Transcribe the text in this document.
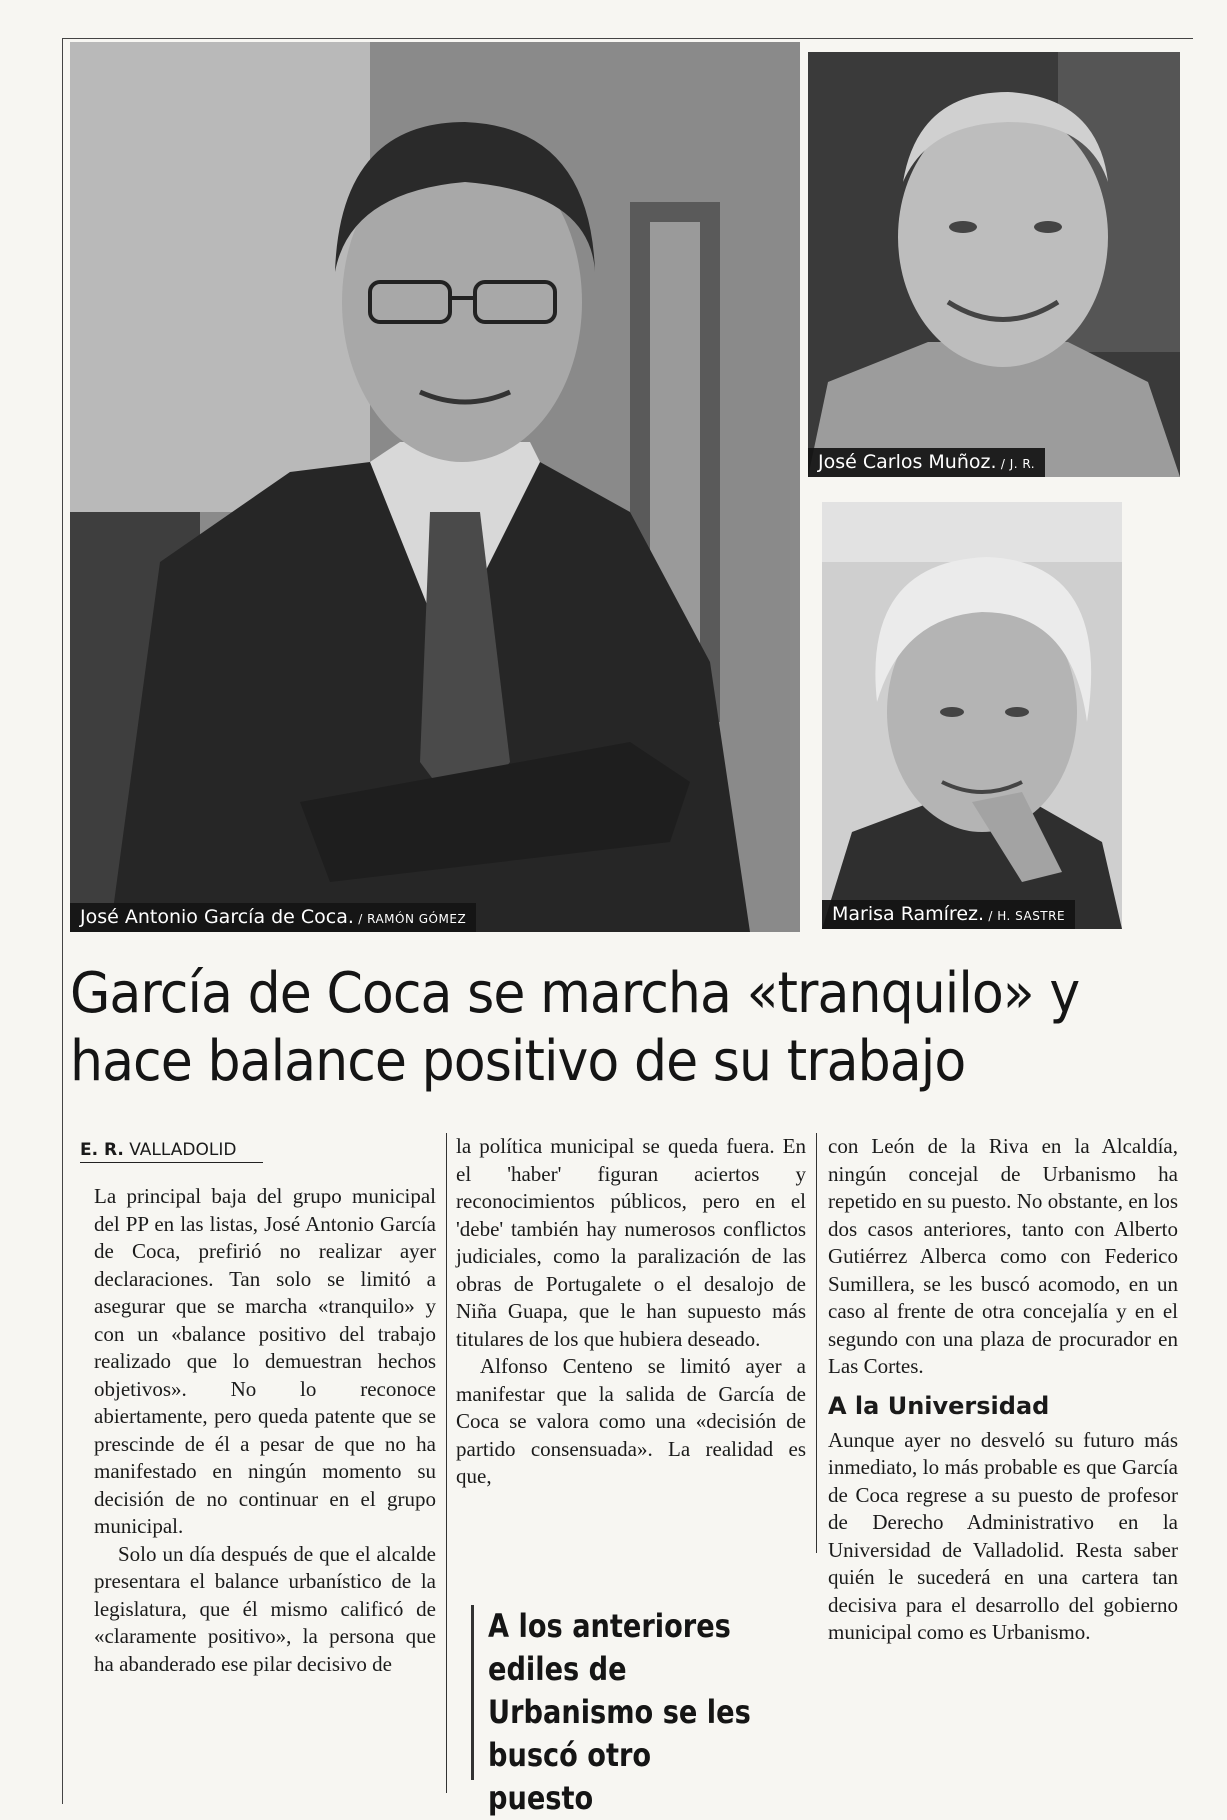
José Antonio García de Coca. / RAMÓN GÓMEZ
José Carlos Muñoz. / J. R.
Marisa Ramírez. / H. SASTRE
García de Coca se marcha «tranquilo» y hace balance positivo de su trabajo
E. R. VALLADOLID

La principal baja del grupo municipal del PP en las listas, José Antonio García de Coca, prefirió no realizar ayer declaraciones. Tan solo se limitó a asegurar que se marcha «tranquilo» y con un «balance positivo del trabajo realizado que lo demuestran hechos objetivos». No lo reconoce abiertamente, pero queda patente que se prescinde de él a pesar de que no ha manifestado en ningún momento su decisión de no continuar en el grupo municipal.

Solo un día después de que el alcalde presentara el balance urbanístico de la legislatura, que él mismo calificó de «claramente positivo», la persona que ha abanderado ese pilar decisivo de

la política municipal se queda fuera. En el 'haber' figuran aciertos y reconocimientos públicos, pero en el 'debe' también hay numerosos conflictos judiciales, como la paralización de las obras de Portugalete o el desalojo de Niña Guapa, que le han supuesto más titulares de los que hubiera deseado.

Alfonso Centeno se limitó ayer a manifestar que la salida de García de Coca se valora como una «decisión de partido consensuada». La realidad es que,

A los anteriores ediles de Urbanismo se les buscó otro puesto

con León de la Riva en la Alcaldía, ningún concejal de Urbanismo ha repetido en su puesto. No obstante, en los dos casos anteriores, tanto con Alberto Gutiérrez Alberca como con Federico Sumillera, se les buscó acomodo, en un caso al frente de otra concejalía y en el segundo con una plaza de procurador en Las Cortes.

A la Universidad

Aunque ayer no desveló su futuro más inmediato, lo más probable es que García de Coca regrese a su puesto de profesor de Derecho Administrativo en la Universidad de Valladolid. Resta saber quién le sucederá en una cartera tan decisiva para el desarrollo del gobierno municipal como es Urbanismo.
